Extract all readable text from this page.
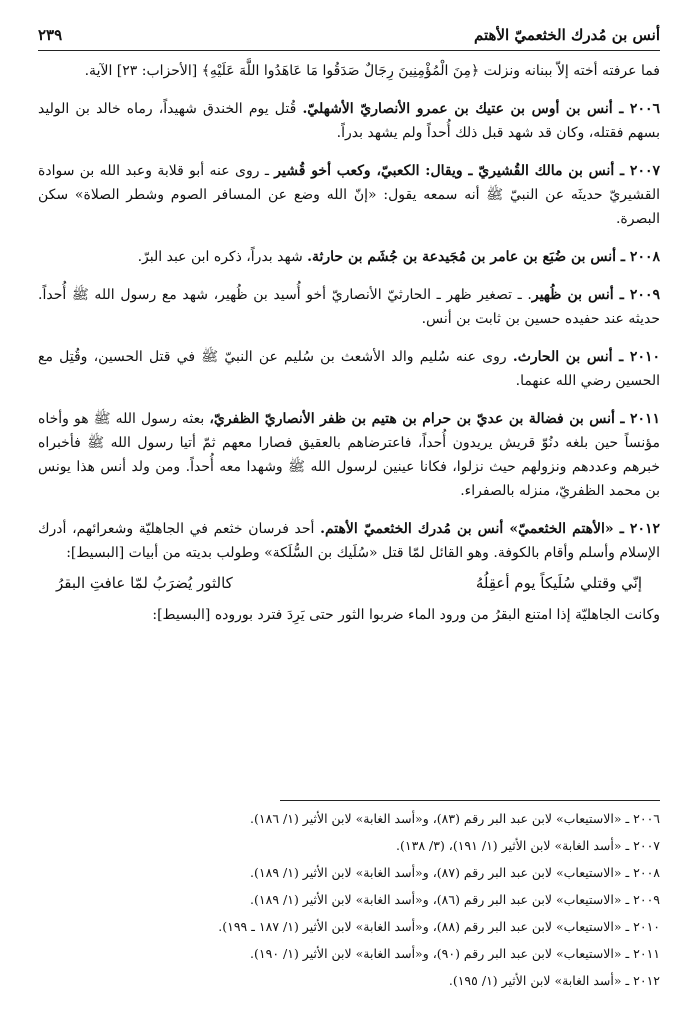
أنس بن مُدرك الخثعميّ الأهتم
٢٣٩

فما عرفته أخته إلاّ ببنانه ونزلت ﴿مِنَ الْمُؤْمِنِينَ رِجَالٌ صَدَقُوا مَا عَاهَدُوا اللَّهَ عَلَيْهِ﴾ [الأحزاب: ٢٣] الآية.

٢٠٠٦ ـ أنس بن أوس بن عتيك بن عمرو الأنصاريّ الأشهليّ. قُتل يوم الخندق شهيداً، رماه خالد بن الوليد بسهم فقتله، وكان قد شهد قبل ذلك أُحداً ولم يشهد بدراً.

٢٠٠٧ ـ أنس بن مالك القُشيريّ ـ ويقال: الكعبيّ، وكعب أخو قُشير ـ روى عنه أبو قلابة وعبد الله بن سوادة القشيريّ حديثَه عن النبيّ ﷺ أنه سمعه يقول: «إنّ الله وضع عن المسافر الصوم وشطر الصلاة» سكن البصرة.

٢٠٠٨ ـ أنس بن ضُبَع بن عامر بن مُجَيدعة بن جُشَم بن حارثة. شهد بدراً، ذكره ابن عبد البرّ.

٢٠٠٩ ـ أنس بن ظُهير. ـ تصغير ظهر ـ الحارثيّ الأنصاريّ أخو أُسيد بن ظُهير، شهد مع رسول الله ﷺ أُحداً. حديثه عند حفيده حسين بن ثابت بن أنس.

٢٠١٠ ـ أنس بن الحارث. روى عنه سُليم والد الأشعث بن سُليم عن النبيّ ﷺ في قتل الحسين، وقُتِل مع الحسين رضي الله عنهما.

٢٠١١ ـ أنس بن فضالة بن عديّ بن حرام بن هتيم بن ظفر الأنصاريّ الظفريّ، بعثه رسول الله ﷺ هو وأخاه مؤنساً حين بلغه دنُوّ قريش يريدون أُحداً، فاعترضاهم بالعقيق فصارا معهم ثمّ أتيا رسول الله ﷺ فأخبراه خبرهم وعددهم ونزولهم حيث نزلوا، فكانا عينين لرسول الله ﷺ وشهدا معه أُحداً. ومن ولد أنس هذا يونس بن محمد الظفريّ، منزله بالصفراء.

٢٠١٢ ـ «الأهتم الخثعميّ» أنس بن مُدرك الخثعميّ الأهتم. أحد فرسان خثعم في الجاهليّة وشعرائهم، أدرك الإسلام وأسلم وأقام بالكوفة. وهو القائل لمّا قتل «سُلَيك بن السُّلَكة» وطولب بديته من أبيات [البسيط]:

إنّي وقتلي سُلَيكاً يوم أعقِلُهُ
كالثور يُضرَبُ لمّا عافتِ البقرُ

وكانت الجاهليّة إذا امتنع البقرُ من ورود الماء ضربوا الثور حتى يَرِدَ فترد بوروده [البسيط]:

٢٠٠٦ ـ «الاستيعاب» لابن عبد البر رقم (٨٣)، و«أسد الغابة» لابن الأثير (١/ ١٨٦).
٢٠٠٧ ـ «أسد الغابة» لابن الأثير (١/ ١٩١)، (٣/ ١٣٨).
٢٠٠٨ ـ «الاستيعاب» لابن عبد البر رقم (٨٧)، و«أسد الغابة» لابن الأثير (١/ ١٨٩).
٢٠٠٩ ـ «الاستيعاب» لابن عبد البر رقم (٨٦)، و«أسد الغابة» لابن الأثير (١/ ١٨٩).
٢٠١٠ ـ «الاستيعاب» لابن عبد البر رقم (٨٨)، و«أسد الغابة» لابن الأثير (١/ ١٨٧ ـ ١٩٩).
٢٠١١ ـ «الاستيعاب» لابن عبد البر رقم (٩٠)، و«أسد الغابة» لابن الأثير (١/ ١٩٠).
٢٠١٢ ـ «أسد الغابة» لابن الأثير (١/ ١٩٥).
